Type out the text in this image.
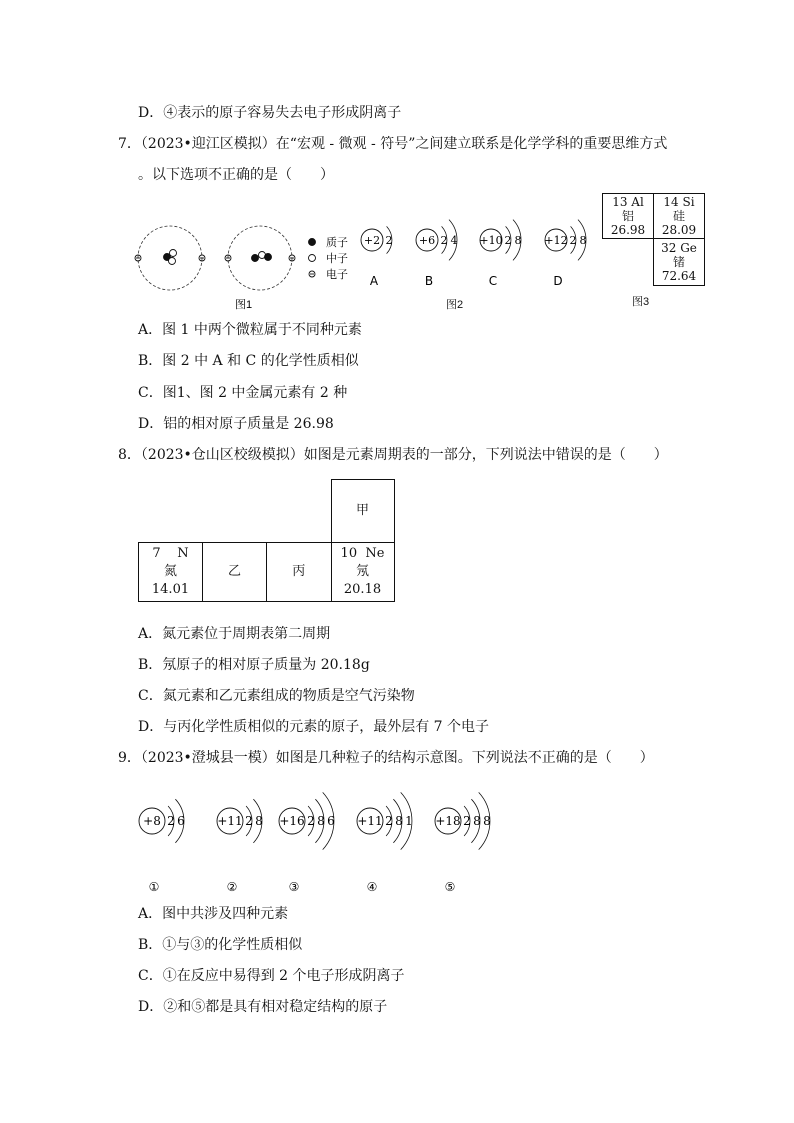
D．④表示的原子容易失去电子形成阴离子
7．（2023•迎江区模拟）在“宏观 - 微观 - 符号”之间建立联系是化学学科的重要思维方式
。以下选项不正确的是（　　）
质子
中子
电子
图1
+2 2
A
+6 2 4
B
+10 2 8
C
+12 2 8
D
图2
13 Al
铝
26.98	14 Si
硅
28.09
	32 Ge
锗
72.64
图3
A．图 1 中两个微粒属于不同种元素
B．图 2 中 A 和 C 的化学性质相似
C．图1、图 2 中金属元素有 2 种
D．铝的相对原子质量是 26.98
8．（2023•仓山区校级模拟）如图是元素周期表的一部分，下列说法中错误的是（　　）
			甲
7 N
氮
14.01	乙	丙	10 Ne
氖
20.18
A．氮元素位于周期表第二周期
B．氖原子的相对原子质量为 20.18g
C．氮元素和乙元素组成的物质是空气污染物
D．与丙化学性质相似的元素的原子，最外层有 7 个电子
9．（2023•澄城县一模）如图是几种粒子的结构示意图。下列说法不正确的是（　　）
+8 2 6
①
+11 2 8
②
+16 2 8 6
③
+11 2 8 1
④
+18 2 8 8
⑤
A．图中共涉及四种元素
B．①与③的化学性质相似
C．①在反应中易得到 2 个电子形成阴离子
D．②和⑤都是具有相对稳定结构的原子
